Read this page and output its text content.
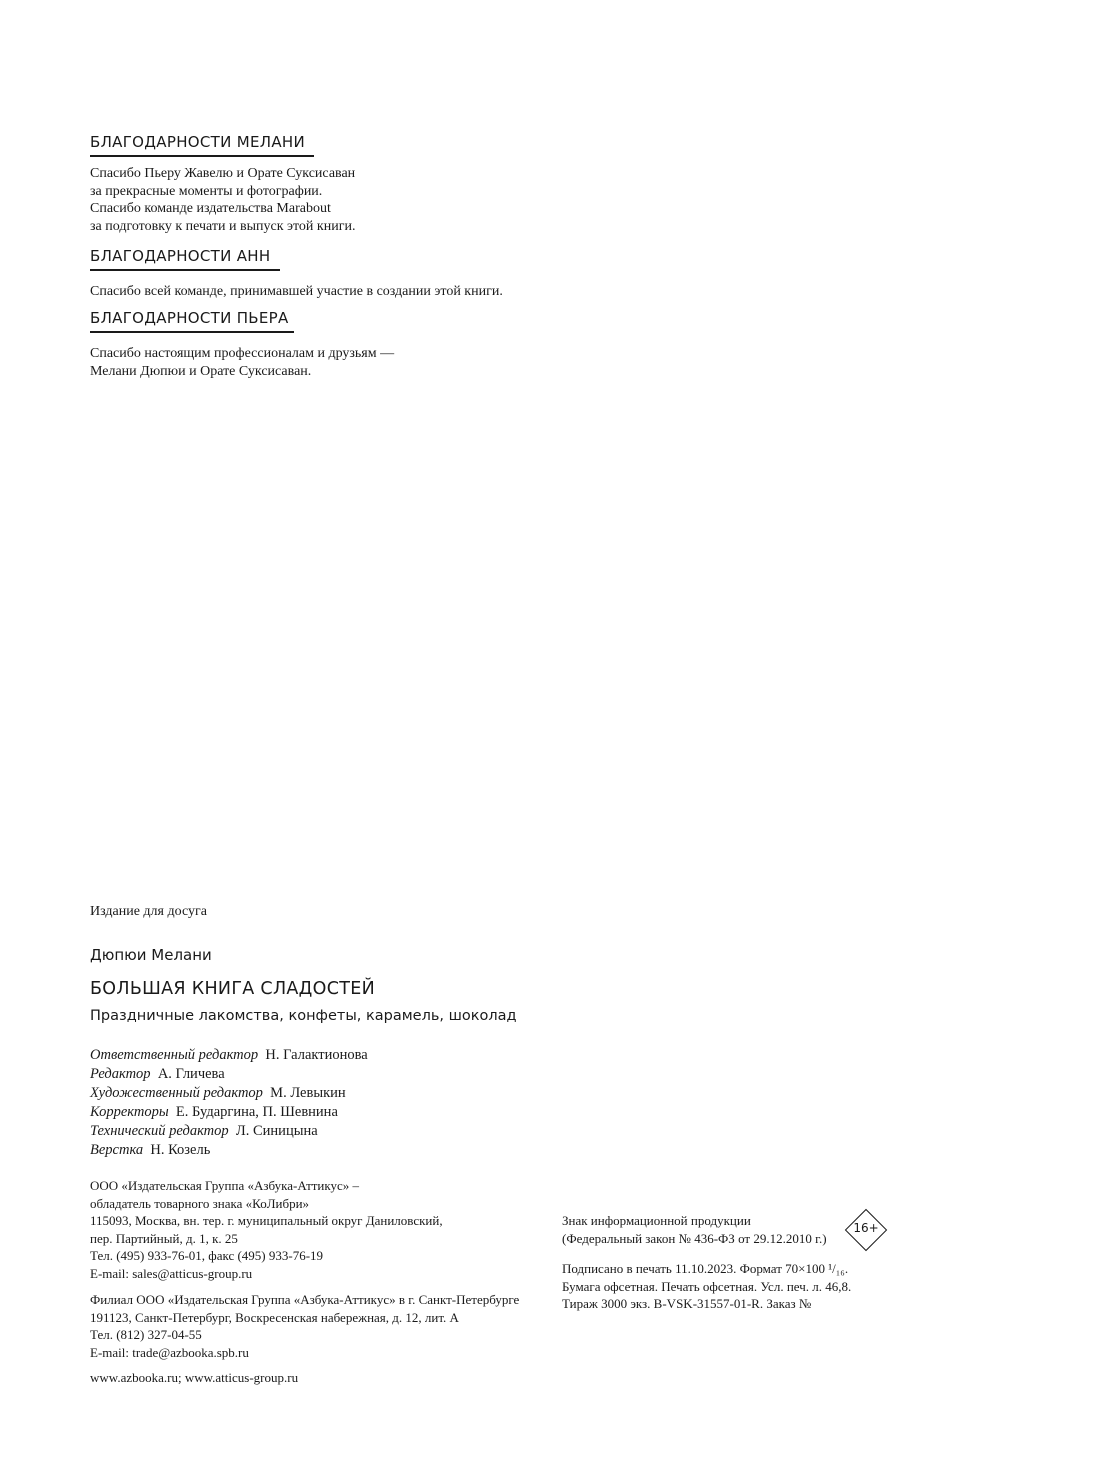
БЛАГОДАРНОСТИ МЕЛАНИ
Спасибо Пьеру Жавелю и Орате Суксисаван
за прекрасные моменты и фотографии.
Спасибо команде издательства Marabout
за подготовку к печати и выпуск этой книги.
БЛАГОДАРНОСТИ АНН
Спасибо всей команде, принимавшей участие в создании этой книги.
БЛАГОДАРНОСТИ ПЬЕРА
Спасибо настоящим профессионалам и друзьям —
Мелани Дюпюи и Орате Суксисаван.
Издание для досуга
Дюпюи Мелани
БОЛЬШАЯ КНИГА СЛАДОСТЕЙ
Праздничные лакомства, конфеты, карамель, шоколад
Ответственный редактор Н. Галактионова
Редактор А. Гличева
Художественный редактор М. Левыкин
Корректоры Е. Бударгина, П. Шевнина
Технический редактор Л. Синицына
Верстка Н. Козель
ООО «Издательская Группа «Азбука-Аттикус» –
обладатель товарного знака «КоЛибри»
115093, Москва, вн. тер. г. муниципальный округ Даниловский,
пер. Партийный, д. 1, к. 25
Тел. (495) 933-76-01, факс (495) 933-76-19
E-mail: sales@atticus-group.ru
Филиал ООО «Издательская Группа «Азбука-Аттикус» в г. Санкт-Петербурге
191123, Санкт-Петербург, Воскресенская набережная, д. 12, лит. А
Тел. (812) 327-04-55
E-mail: trade@azbooka.spb.ru
www.azbooka.ru; www.atticus-group.ru
Знак информационной продукции
(Федеральный закон № 436-ФЗ от 29.12.2010 г.)
16+
Подписано в печать 11.10.2023. Формат 70×100 ¹/₁₆.
Бумага офсетная. Печать офсетная. Усл. печ. л. 46,8.
Тираж 3000 экз. B-VSK-31557-01-R. Заказ №
